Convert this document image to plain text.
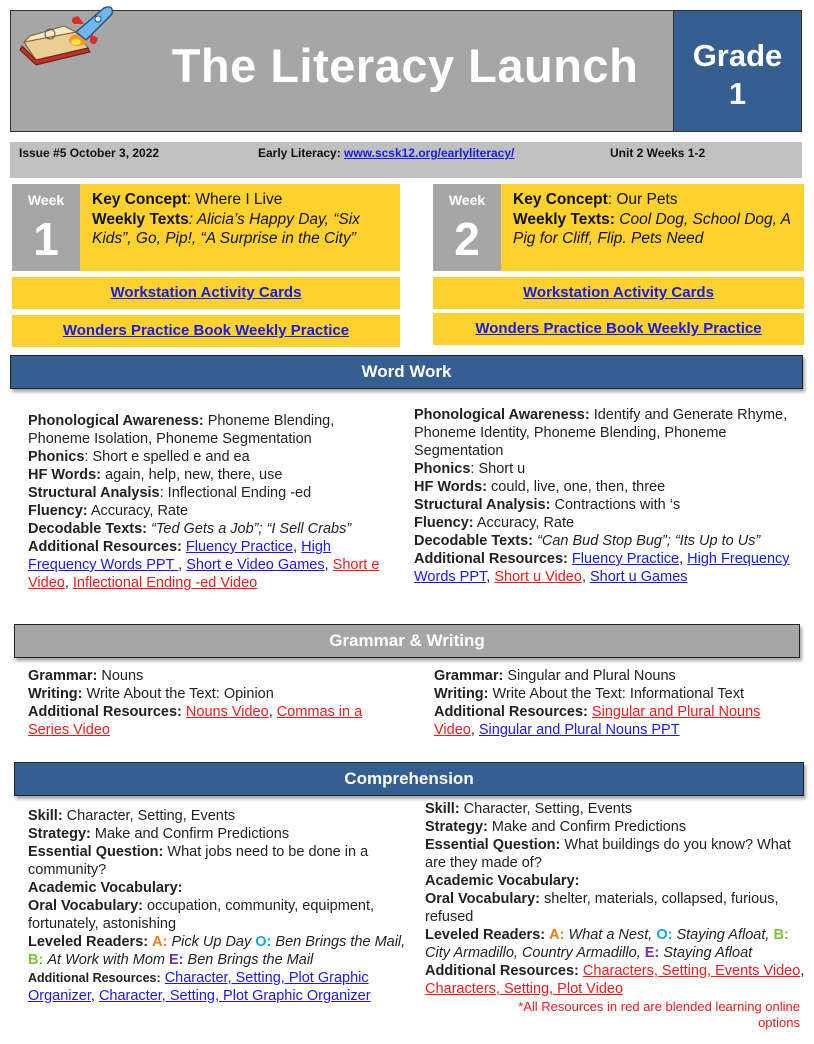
The Literacy Launch	Grade
1
Issue #5 October 3, 2022	Early Literacy: www.scsk12.org/earlyliteracy/	Unit 2 Weeks 1-2
Week
1
Key Concept: Where I Live
Weekly Texts: Alicia’s Happy Day, “Six Kids”, Go, Pip!, “A Surprise in the City”
Workstation Activity Cards
Wonders Practice Book Weekly Practice
Week
2
Key Concept: Our Pets
Weekly Texts: Cool Dog, School Dog, A Pig for Cliff, Flip. Pets Need
Workstation Activity Cards
Wonders Practice Book Weekly Practice
Word Work
Phonological Awareness: Phoneme Blending, Phoneme Isolation, Phoneme Segmentation
Phonics: Short e spelled e and ea
HF Words: again, help, new, there, use
Structural Analysis: Inflectional Ending -ed
Fluency: Accuracy, Rate
Decodable Texts: “Ted Gets a Job”; “I Sell Crabs”
Additional Resources: Fluency Practice, High Frequency Words PPT , Short e Video Games, Short e Video, Inflectional Ending -ed Video
Phonological Awareness: Identify and Generate Rhyme, Phoneme Identity, Phoneme Blending, Phoneme Segmentation
Phonics: Short u
HF Words: could, live, one, then, three
Structural Analysis: Contractions with ‘s
Fluency: Accuracy, Rate
Decodable Texts: “Can Bud Stop Bug”; “Its Up to Us”
Additional Resources: Fluency Practice, High Frequency Words PPT, Short u Video, Short u Games
Grammar & Writing
Grammar: Nouns
Writing: Write About the Text: Opinion
Additional Resources: Nouns Video, Commas in a Series Video
Grammar: Singular and Plural Nouns
Writing: Write About the Text: Informational Text
Additional Resources: Singular and Plural Nouns Video, Singular and Plural Nouns PPT
Comprehension
Skill: Character, Setting, Events
Strategy: Make and Confirm Predictions
Essential Question: What jobs need to be done in a community?
Academic Vocabulary:
Oral Vocabulary: occupation, community, equipment, fortunately, astonishing
Leveled Readers: A: Pick Up Day O: Ben Brings the Mail, B: At Work with Mom E: Ben Brings the Mail
Additional Resources: Character, Setting, Plot Graphic Organizer, Character, Setting, Plot Graphic Organizer
Skill: Character, Setting, Events
Strategy: Make and Confirm Predictions
Essential Question: What buildings do you know? What are they made of?
Academic Vocabulary:
Oral Vocabulary: shelter, materials, collapsed, furious, refused
Leveled Readers: A: What a Nest, O: Staying Afloat, B: City Armadillo, Country Armadillo, E: Staying Afloat
Additional Resources: Characters, Setting, Events Video, Characters, Setting, Plot Video
*All Resources in red are blended learning online options
